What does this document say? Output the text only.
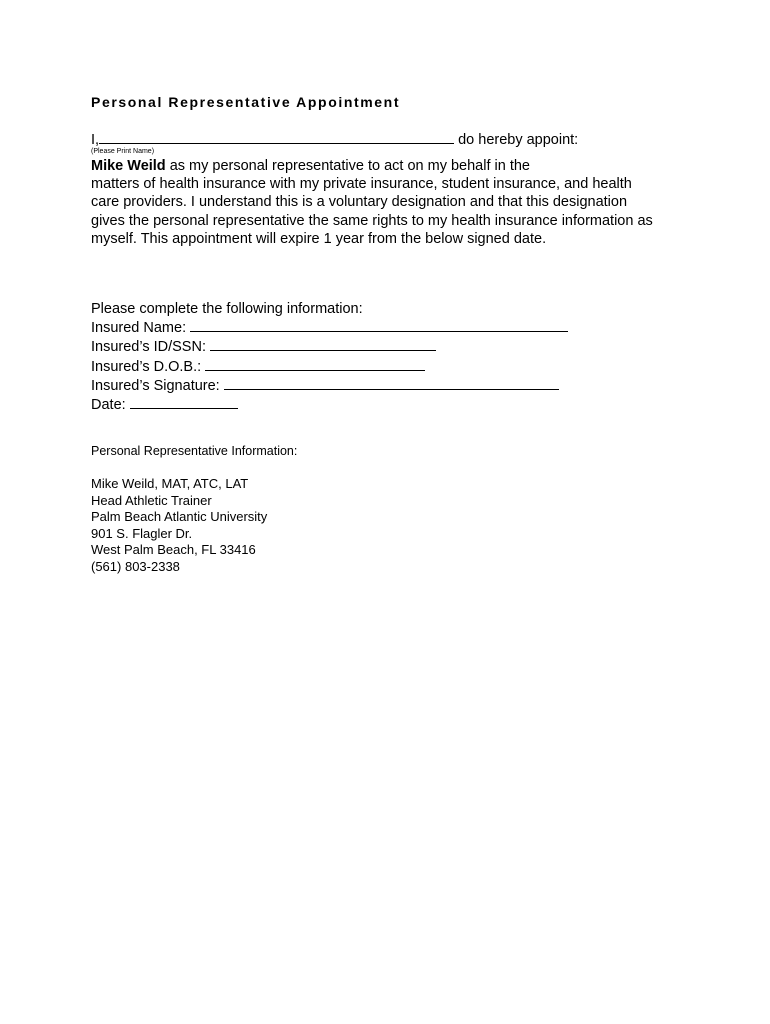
Personal Representative Appointment
I,	do hereby appoint:
(Please Print Name)
Mike Weild as my personal representative to act on my behalf in the
matters of health insurance with my private insurance, student insurance, and health
care providers. I understand this is a voluntary designation and that this designation
gives the personal representative the same rights to my health insurance information as
myself. This appointment will expire 1 year from the below signed date.
Please complete the following information:
Insured Name:
Insured’s ID/SSN:
Insured’s D.O.B.:
Insured’s Signature:
Date:
Personal Representative Information:
Mike Weild, MAT, ATC, LAT
Head Athletic Trainer
Palm Beach Atlantic University
901 S. Flagler Dr.
West Palm Beach, FL 33416
(561) 803-2338
